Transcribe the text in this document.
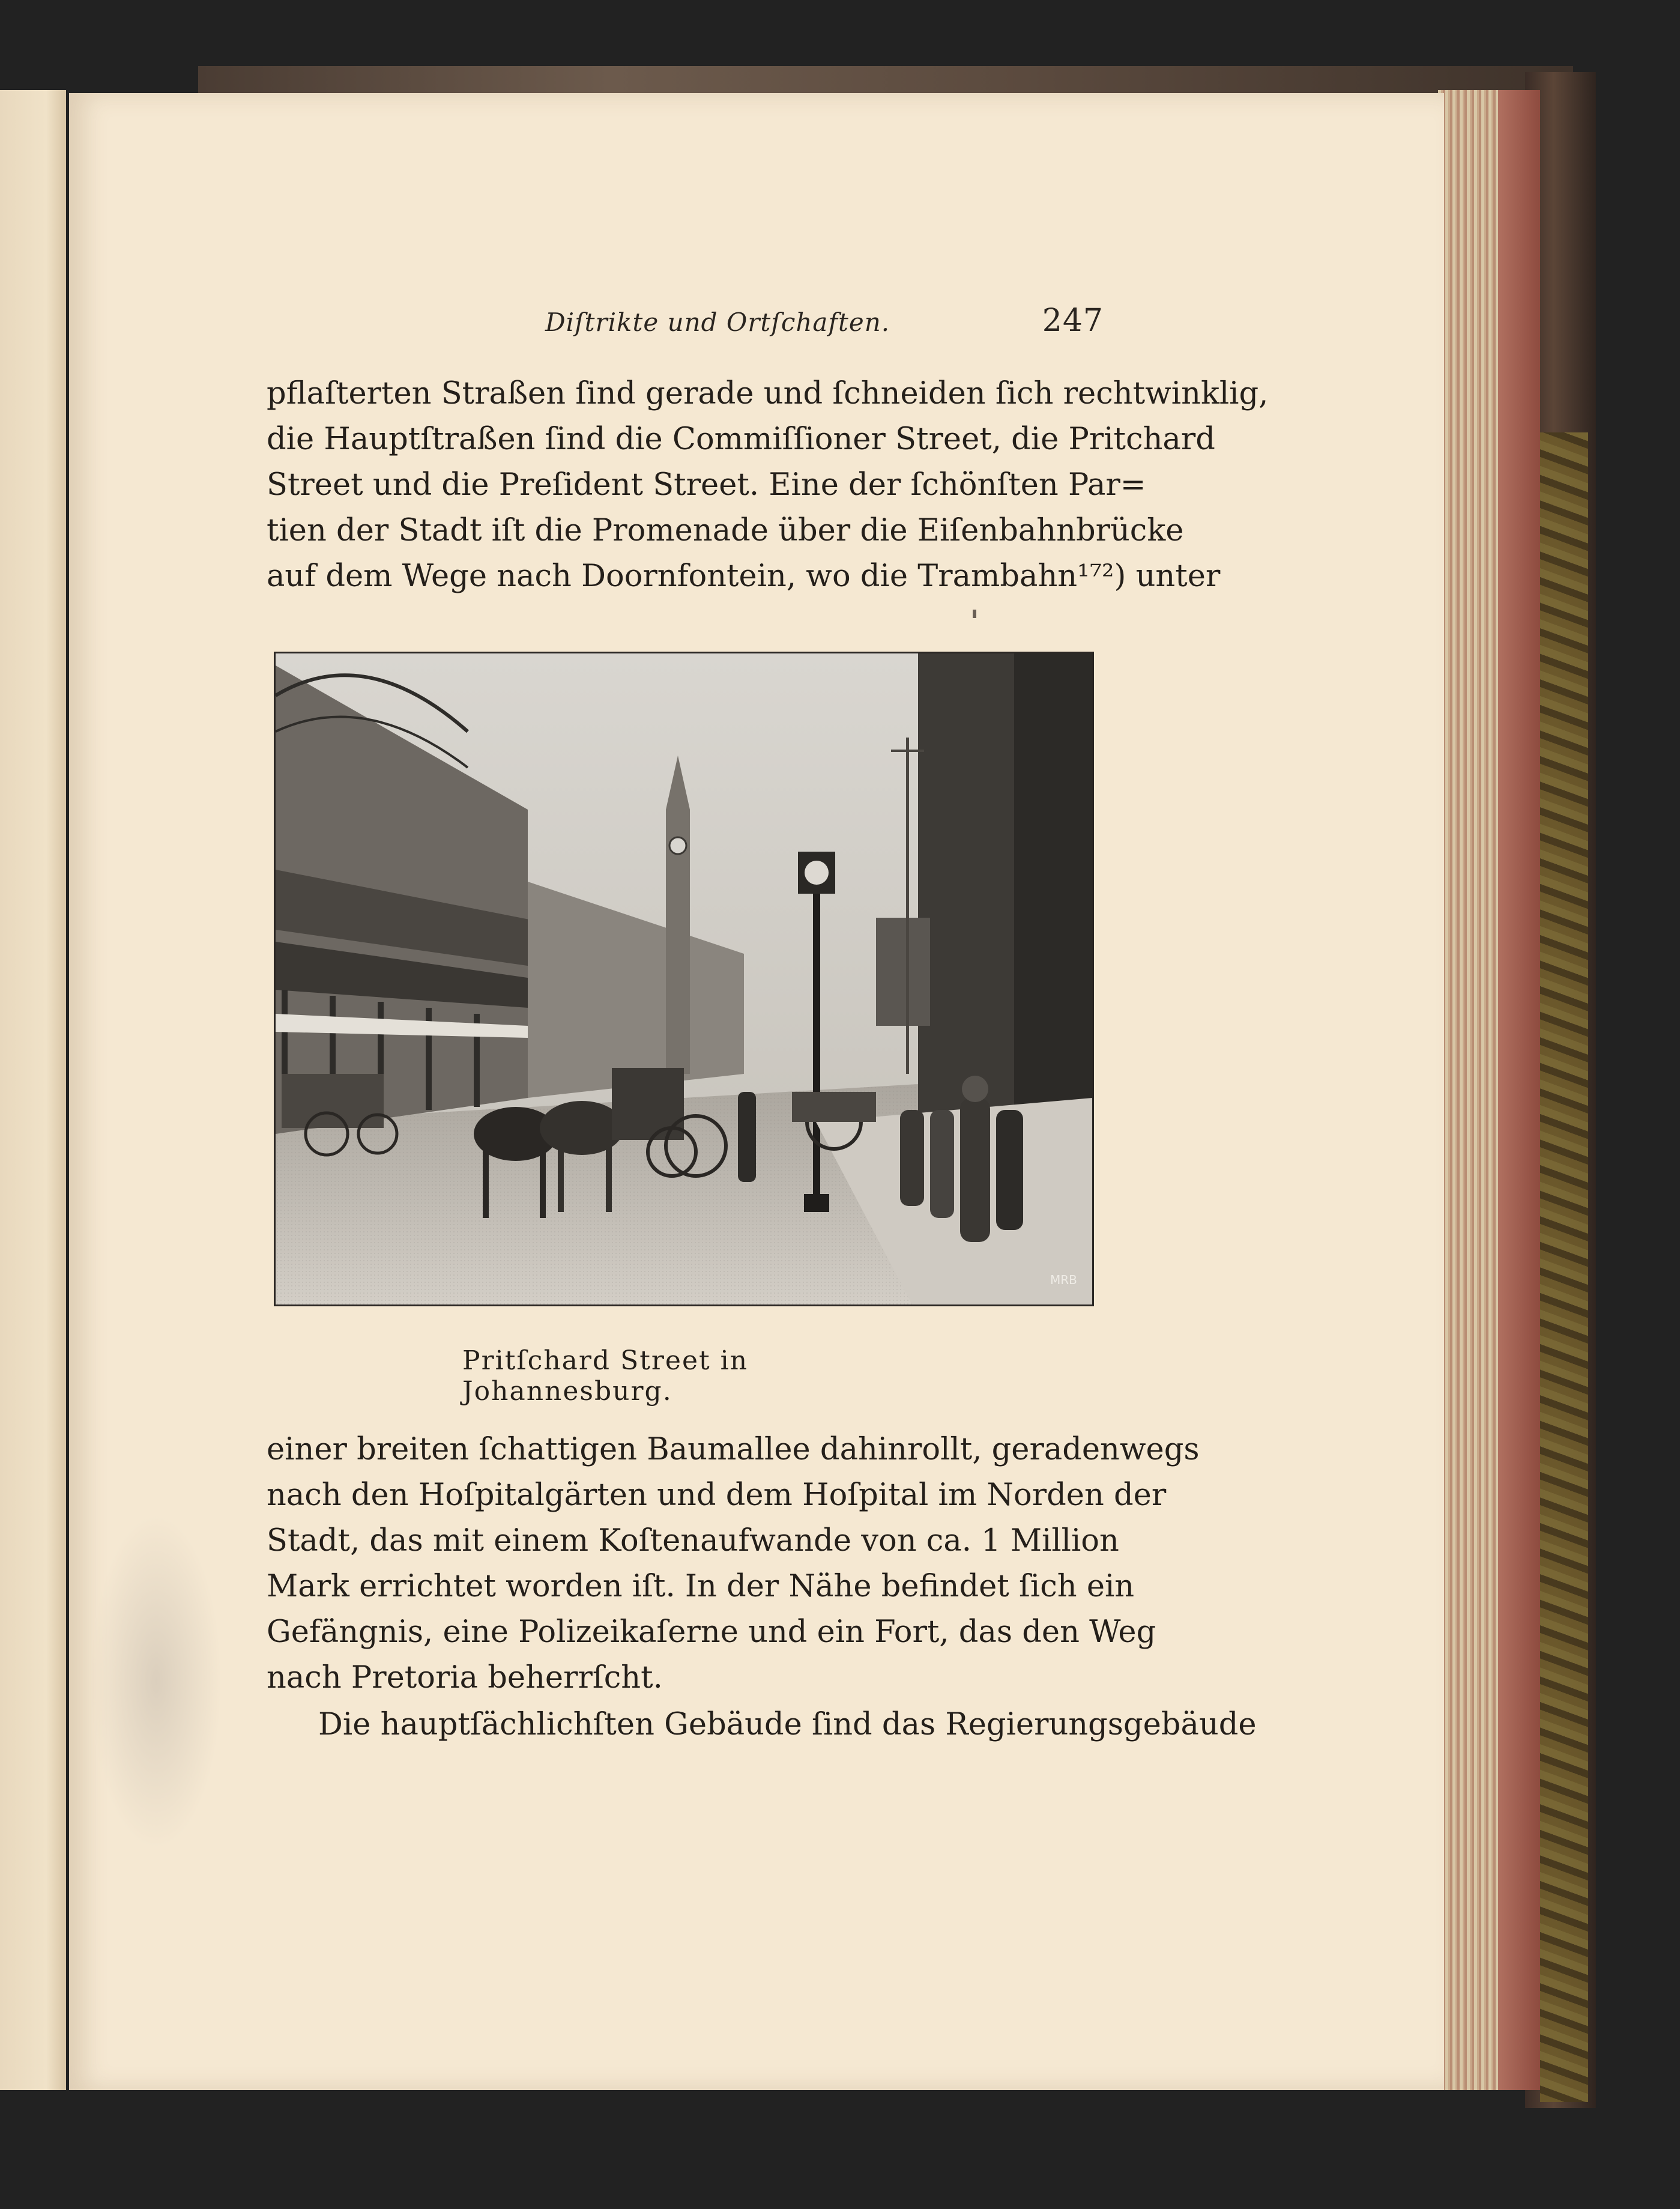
Diſtrikte und Ortſchaften.	247
pflaſterten Straßen ſind gerade und ſchneiden ſich rechtwinklig,
die Hauptſtraßen ſind die Commiſſioner Street, die Pritchard
Street und die Preſident Street. Eine der ſchönſten Par=
tien der Stadt iſt die Promenade über die Eiſenbahnbrücke
auf dem Wege nach Doornfontein, wo die Trambahn¹⁷²) unter
MRB
Pritſchard Street in Johannesburg.
einer breiten ſchattigen Baumallee dahinrollt, geradenwegs
nach den Hoſpitalgärten und dem Hoſpital im Norden der
Stadt, das mit einem Koſtenaufwande von ca. 1 Million
Mark errichtet worden iſt. In der Nähe befindet ſich ein
Gefängnis, eine Polizeikaſerne und ein Fort, das den Weg
nach Pretoria beherrſcht.
Die hauptſächlichſten Gebäude ſind das Regierungsgebäude
